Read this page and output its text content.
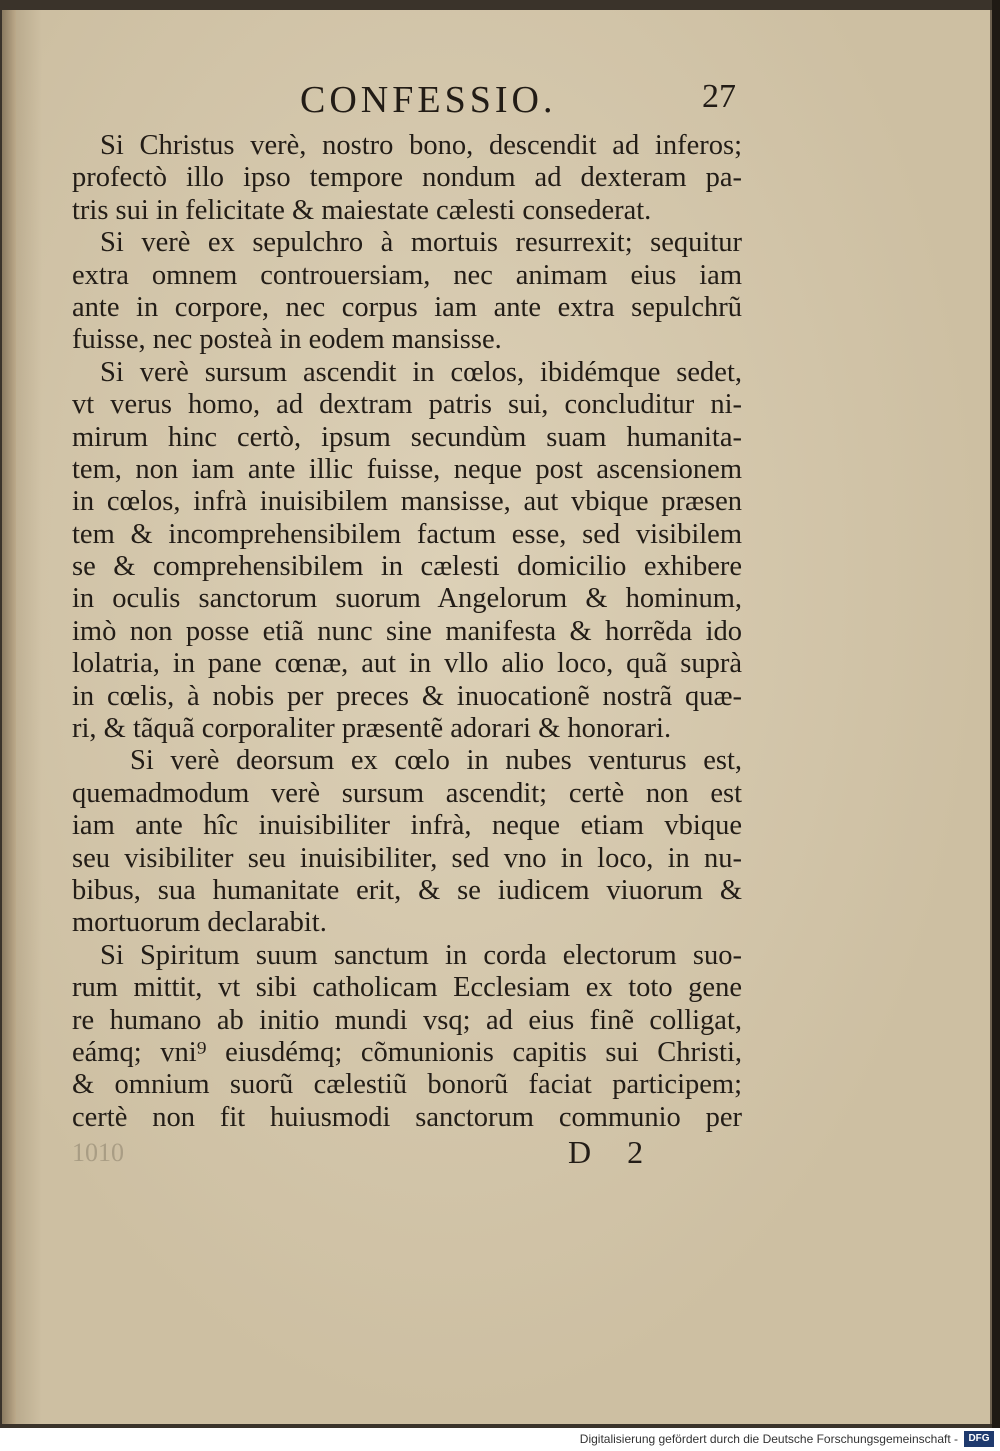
CONFESSIO.	27
Si Christus verè, nostro bono, descendit ad inferos;
profectò illo ipso tempore nondum ad dexteram pa-
tris sui in felicitate & maiestate cælesti consederat.
Si verè ex sepulchro à mortuis resurrexit; sequitur
extra omnem controuersiam, nec animam eius iam
ante in corpore, nec corpus iam ante extra sepulchrũ
fuisse, nec posteà in eodem mansisse.
Si verè sursum ascendit in cœlos, ibidémque sedet,
vt verus homo, ad dextram patris sui, concluditur ni-
mirum hinc certò, ipsum secundùm suam humanita-
tem, non iam ante illic fuisse, neque post ascensionem
in cœlos, infrà inuisibilem mansisse, aut vbique præsen
tem & incomprehensibilem factum esse, sed visibilem
se & comprehensibilem in cælesti domicilio exhibere
in oculis sanctorum suorum Angelorum & hominum,
imò non posse etiã nunc sine manifesta & horrẽda ido
lolatria, in pane cœnæ, aut in vllo alio loco, quã suprà
in cœlis, à nobis per preces & inuocationẽ nostrã quæ-
ri, & tãquã corporaliter præsentẽ adorari & honorari.
Si verè deorsum ex cœlo in nubes venturus est,
quemadmodum verè sursum ascendit; certè non est
iam ante hîc inuisibiliter infrà, neque etiam vbique
seu visibiliter seu inuisibiliter, sed vno in loco, in nu-
bibus, sua humanitate erit, & se iudicem viuorum &
mortuorum declarabit.
Si Spiritum suum sanctum in corda electorum suo-
rum mittit, vt sibi catholicam Ecclesiam ex toto gene
re humano ab initio mundi vsq; ad eius finẽ colligat,
eámq; vni⁹ eiusdémq; cõmunionis capitis sui Christi,
& omnium suorũ cælestiũ bonorũ faciat participem;
certè non fit huiusmodi sanctorum communio per
1010	D 2
Digitalisierung gefördert durch die Deutsche Forschungsgemeinschaft -	DFG
